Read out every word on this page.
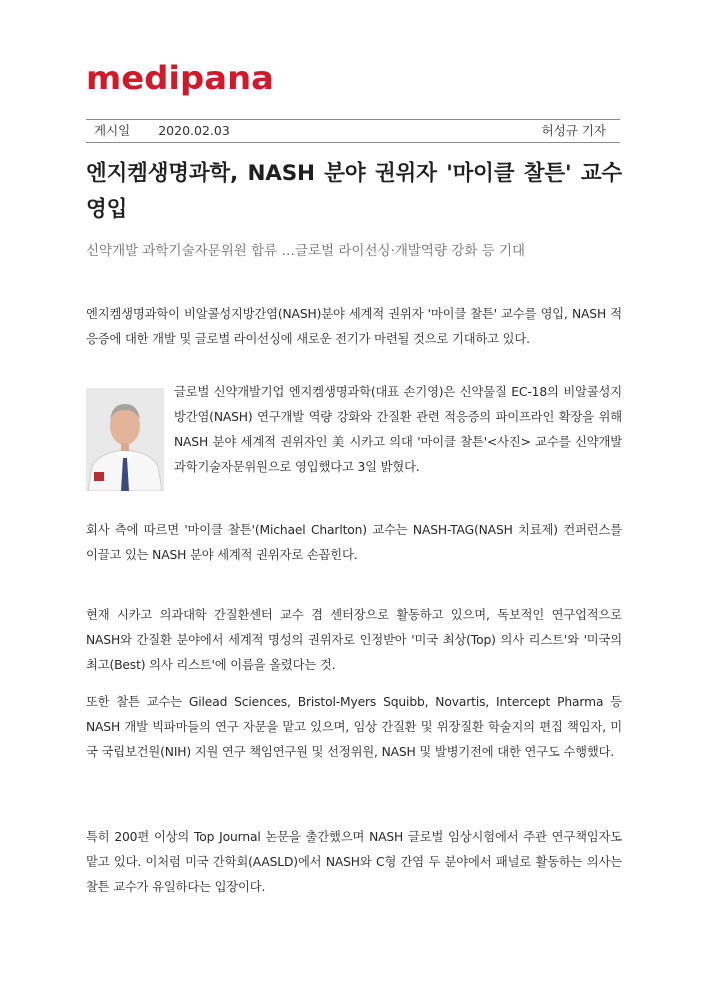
medipana
게시일 2020.02.03	허성규 기자
엔지켐생명과학, NASH 분야 권위자 '마이클 찰튼' 교수 영입

신약개발 과학기술자문위원 합류 …글로벌 라이선싱·개발역량 강화 등 기대

엔지켐생명과학이 비알콜성지방간염(NASH)분야 세계적 권위자 '마이클 찰튼' 교수를 영입, NASH 적응증에 대한 개발 및 글로벌 라이선싱에 새로운 전기가 마련될 것으로 기대하고 있다.

글로벌 신약개발기업 엔지켐생명과학(대표 손기영)은 신약물질 EC-18의 비알콜성지방간염(NASH) 연구개발 역량 강화와 간질환 관련 적응증의 파이프라인 확장을 위해 NASH 분야 세계적 권위자인 美 시카고 의대 '마이클 찰튼'<사진> 교수를 신약개발 과학기술자문위원으로 영입했다고 3일 밝혔다.

회사 측에 따르면 '마이클 찰튼'(Michael Charlton) 교수는 NASH-TAG(NASH 치료제) 컨퍼런스를 이끌고 있는 NASH 분야 세계적 권위자로 손꼽힌다.

현재 시카고 의과대학 간질환센터 교수 겸 센터장으로 활동하고 있으며, 독보적인 연구업적으로 NASH와 간질환 분야에서 세계적 명성의 권위자로 인정받아 '미국 최상(Top) 의사 리스트'와 '미국의 최고(Best) 의사 리스트'에 이름을 올렸다는 것.

또한 찰튼 교수는 Gilead Sciences, Bristol-Myers Squibb, Novartis, Intercept Pharma 등 NASH 개발 빅파마들의 연구 자문을 맡고 있으며, 임상 간질환 및 위장질환 학술지의 편집 책임자, 미국 국립보건원(NIH) 지원 연구 책임연구원 및 선정위원, NASH 및 발병기전에 대한 연구도 수행했다.

특히 200편 이상의 Top Journal 논문을 출간했으며 NASH 글로벌 임상시험에서 주관 연구책임자도 맡고 있다. 이처럼 미국 간학회(AASLD)에서 NASH와 C형 간염 두 분야에서 패널로 활동하는 의사는 찰튼 교수가 유일하다는 입장이다.
